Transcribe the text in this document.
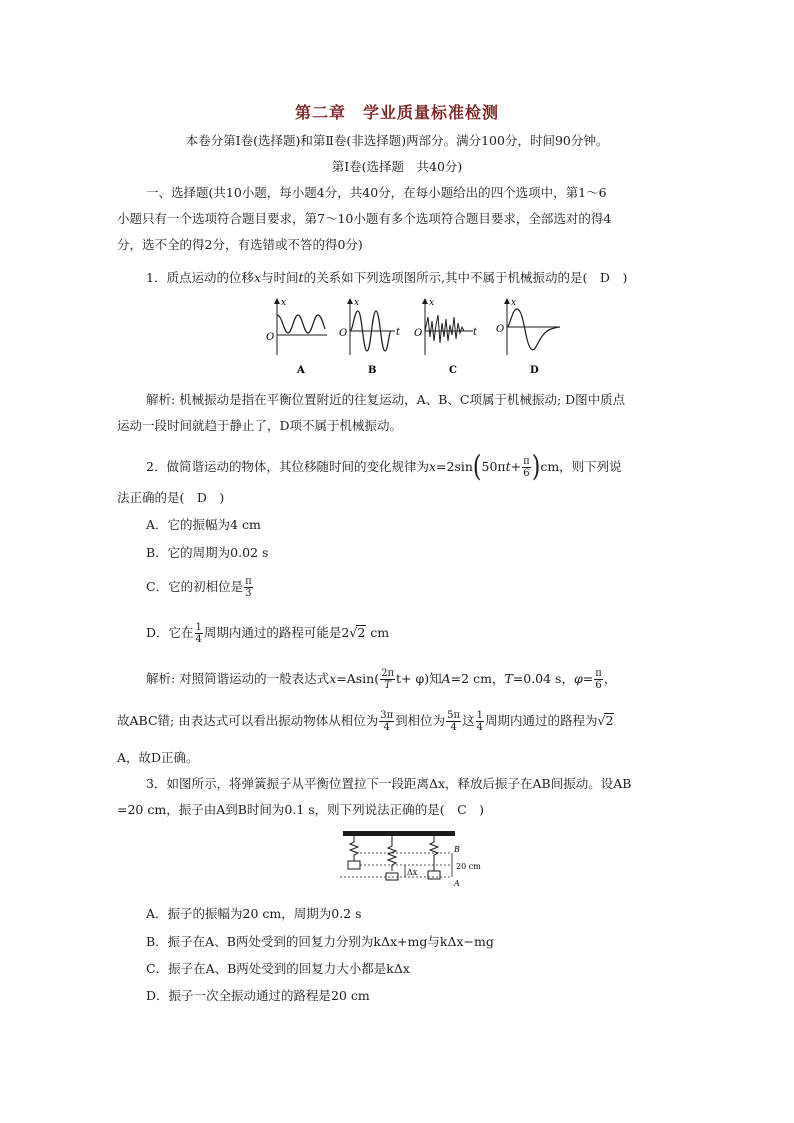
第二章　学业质量标准检测
本卷分第Ⅰ卷(选择题)和第Ⅱ卷(非选择题)两部分。满分100分，时间90分钟。
第Ⅰ卷(选择题　共40分)
一、选择题(共10小题，每小题4分，共40分，在每小题给出的四个选项中，第1～6
小题只有一个选项符合题目要求，第7～10小题有多个选项符合题目要求，全部选对的得4
分，选不全的得2分，有选错或不答的得0分)
1．质点运动的位移x与时间t的关系如下列选项图所示,其中不属于机械振动的是(　D　)
x
O
A
x
O	t
B
x
O	t
C
x
O
D
解析: 机械振动是指在平衡位置附近的往复运动，A、B、C项属于机械振动; D图中质点
运动一段时间就趋于静止了，D项不属于机械振动。
2．做简谐运动的物体，其位移随时间的变化规律为$x=2\sin(50\pi t+ \frac{\pi}{6} )cm$，则下列说
法正确的是(　D　)
A．它的振幅为4 cm
B．它的周期为0.02 s
C．它的初相位是 $\frac{\pi}{3}$
D．它在 $\frac{1}{4}$ 周期内通过的路程可能是2√2 cm
解析: 对照简谐运动的一般表达式$x=Asin( \frac{2\pi}{T} t+ \varphi)$知A=2 cm，T=0.04 s，$\varphi= \frac{\pi}{6}$ ，
故ABC错; 由表达式可以看出振动物体从相位为 $\frac{3\pi}{4}$ 到相位为 $\frac{5\pi}{4}$ 这 $\frac{1}{4}$ 周期内通过的路程为√2
A，故D正确。
3．如图所示，将弹簧振子从平衡位置拉下一段距离Δx，释放后振子在AB间振动。设AB
=20 cm，振子由A到B时间为0.1 s，则下列说法正确的是(　C　)
Δx
B
A
20 cm
A．振子的振幅为20 cm，周期为0.2 s
B．振子在A、B两处受到的回复力分别为kΔx+mg与kΔx−mg
C．振子在A、B两处受到的回复力大小都是kΔx
D．振子一次全振动通过的路程是20 cm
